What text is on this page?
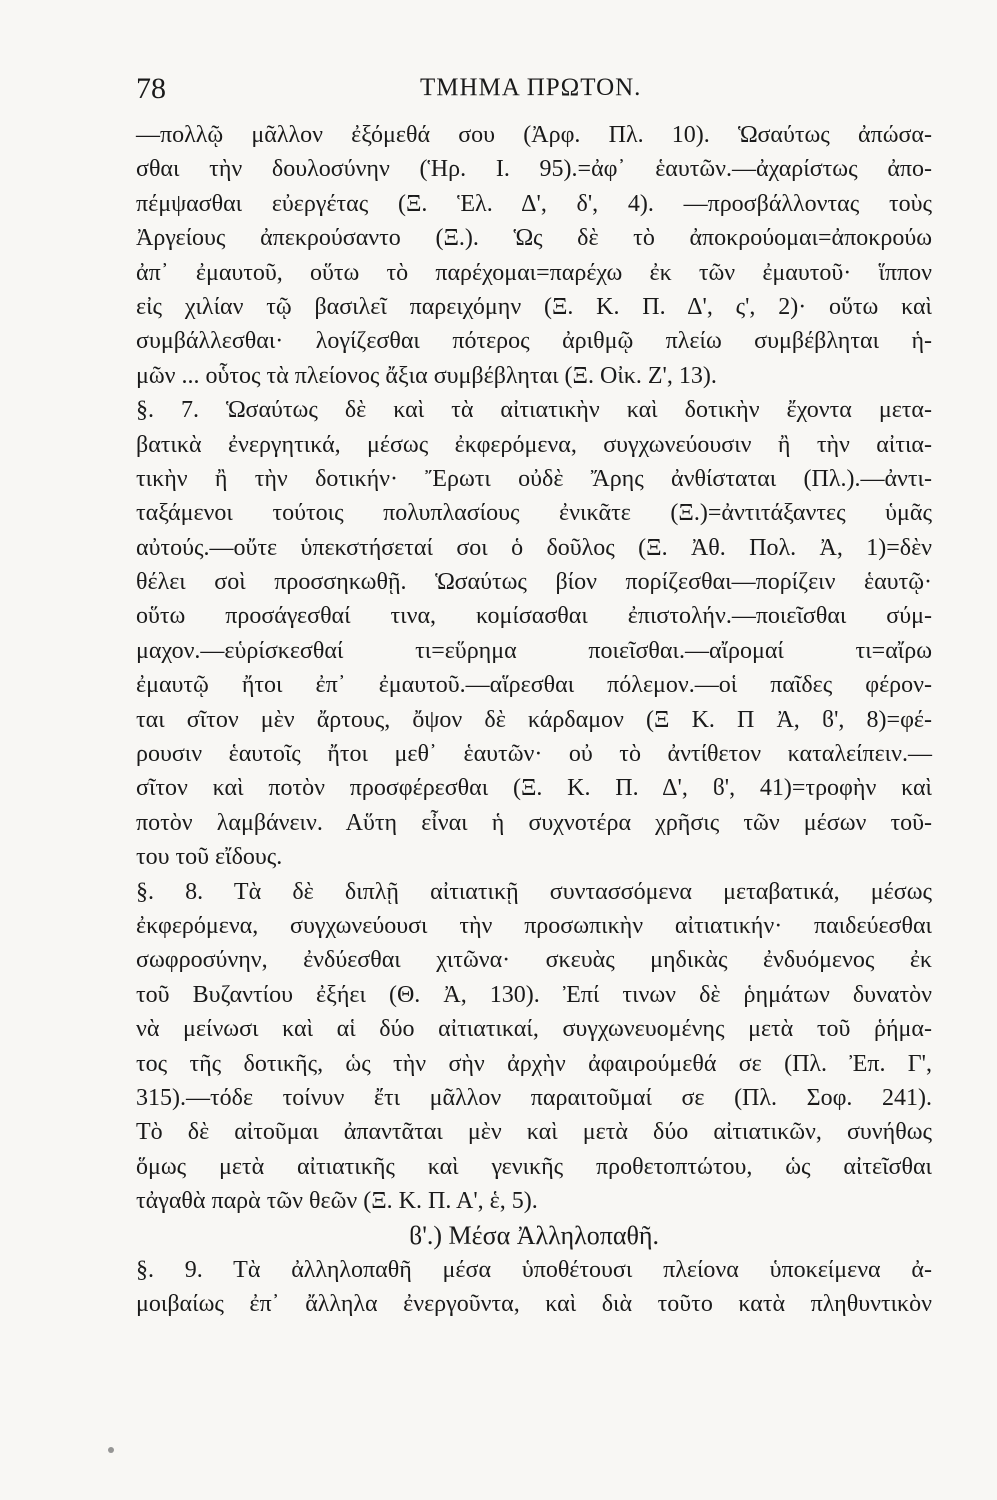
78	ΤΜΗΜΑ ΠΡΩΤΟΝ.
—πολλῷ μᾶλλον ἐξόμεθά σου (Ἀρφ. Πλ. 10). Ὡσαύτως ἀπώσα-
σθαι τὴν δουλοσύνην (Ἡρ. I. 95).=ἀφ᾽ ἑαυτῶν.—ἀχαρίστως ἀπο-
πέμψασθαι εὐεργέτας (Ξ. Ἑλ. Δ', δ', 4). —προσβάλλοντας τοὺς
Ἀργείους ἀπεκρούσαντο (Ξ.). Ὡς δὲ τὸ ἀποκρούομαι=ἀποκρούω
ἀπ᾽ ἐμαυτοῦ, οὕτω τὸ παρέχομαι=παρέχω ἐκ τῶν ἐμαυτοῦ· ἵππον
εἰς χιλίαν τῷ βασιλεῖ παρειχόμην (Ξ. Κ. Π. Δ', ς', 2)· οὕτω καὶ
συμβάλλεσθαι· λογίζεσθαι πότερος ἀριθμῷ πλείω συμβέβληται ἡ-
μῶν ... οὗτος τὰ πλείονος ἄξια συμβέβληται (Ξ. Οἰκ. Ζ', 13).
§. 7. Ὡσαύτως δὲ καὶ τὰ αἰτιατικὴν καὶ δοτικὴν ἔχοντα μετα-
βατικὰ ἐνεργητικά, μέσως ἐκφερόμενα, συγχωνεύουσιν ἢ τὴν αἰτια-
τικὴν ἢ τὴν δοτικήν· Ἔρωτι οὐδὲ Ἄρης ἀνθίσταται (Πλ.).—ἀντι-
ταξάμενοι τούτοις πολυπλασίους ἐνικᾶτε (Ξ.)=ἀντιτάξαντες ὑμᾶς
αὐτούς.—οὔτε ὑπεκστήσεταί σοι ὁ δοῦλος (Ξ. Ἀθ. Πολ. Ἀ, 1)=δὲν
θέλει σοὶ προσσηκωθῇ. Ὡσαύτως βίον πορίζεσθαι—πορίζειν ἑαυτῷ·
οὕτω προσάγεσθαί τινα, κομίσασθαι ἐπιστολήν.—ποιεῖσθαι σύμ-
μαχον.—εὑρίσκεσθαί τι=εὕρημα ποιεῖσθαι.—αἴρομαί τι=αἴρω
ἐμαυτῷ ἤτοι ἐπ᾽ ἐμαυτοῦ.—αἵρεσθαι πόλεμον.—οἱ παῖδες φέρον-
ται σῖτον μὲν ἄρτους, ὄψον δὲ κάρδαμον (Ξ Κ. Π Ἀ, ϐ', 8)=φέ-
ρουσιν ἑαυτοῖς ἤτοι μεθ᾽ ἑαυτῶν· οὐ τὸ ἀντίθετον καταλείπειν.—
σῖτον καὶ ποτὸν προσφέρεσθαι (Ξ. Κ. Π. Δ', ϐ', 41)=τροφὴν καὶ
ποτὸν λαμβάνειν. Αὕτη εἶναι ἡ συχνοτέρα χρῆσις τῶν μέσων τοῦ-
του τοῦ εἴδους.
§. 8. Τὰ δὲ διπλῇ αἰτιατικῇ συντασσόμενα μεταβατικά, μέσως
ἐκφερόμενα, συγχωνεύουσι τὴν προσωπικὴν αἰτιατικήν· παιδεύεσθαι
σωφροσύνην, ἐνδύεσθαι χιτῶνα· σκευὰς μηδικὰς ἐνδυόμενος ἐκ
τοῦ Βυζαντίου ἐξήει (Θ. Ἀ, 130). Ἐπί τινων δὲ ῥημάτων δυνατὸν
νὰ μείνωσι καὶ αἱ δύο αἰτιατικαί, συγχωνευομένης μετὰ τοῦ ῥήμα-
τος τῆς δοτικῆς, ὡς τὴν σὴν ἀρχὴν ἀφαιρούμεθά σε (Πλ. Ἐπ. Γ',
315).—τόδε τοίνυν ἔτι μᾶλλον παραιτοῦμαί σε (Πλ. Σοφ. 241).
Τὸ δὲ αἰτοῦμαι ἀπαντᾶται μὲν καὶ μετὰ δύο αἰτιατικῶν, συνήθως
ὅμως μετὰ αἰτιατικῆς καὶ γενικῆς προθετοπτώτου, ὡς αἰτεῖσθαι
τἀγαθὰ παρὰ τῶν θεῶν (Ξ. Κ. Π. Α', ἑ, 5).
ϐ'.) Μέσα Ἀλληλοπαθῆ.
§. 9. Τὰ ἀλληλοπαθῆ μέσα ὑποθέτουσι πλείονα ὑποκείμενα ἀ-
μοιβαίως ἐπ᾽ ἄλληλα ἐνεργοῦντα, καὶ διὰ τοῦτο κατὰ πληθυντικὸν
